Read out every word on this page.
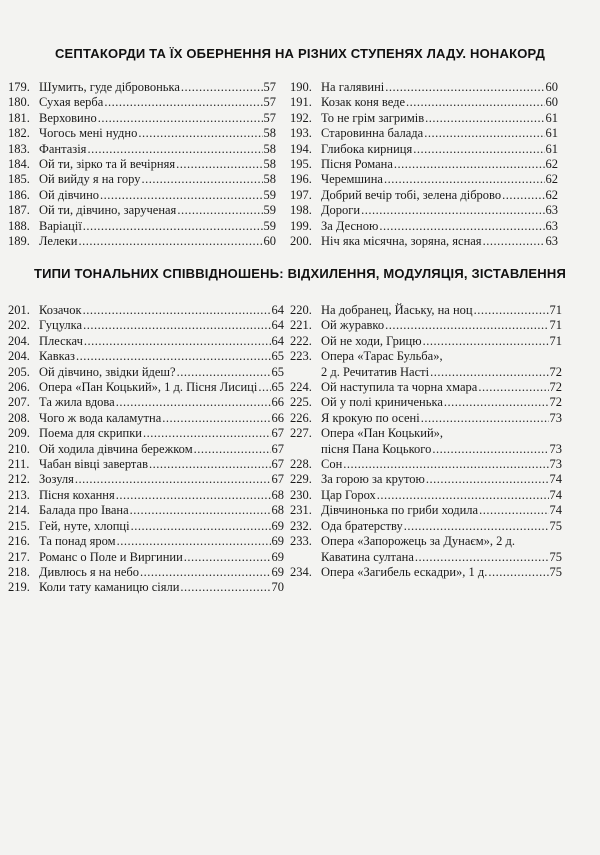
СЕПТАКОРДИ ТА ЇХ ОБЕРНЕННЯ НА РІЗНИХ СТУПЕНЯХ ЛАДУ. НОНАКОРД
179. Шумить, гуде дібровонька .....	57
180. Сухая верба .....	57
181. Верховино .....	57
182. Чогось мені нудно .....	58
183. Фантазія .....	58
184. Ой ти, зірко та й вечірняя .....	58
185. Ой вийду я на гору .....	58
186. Ой дівчино .....	59
187. Ой ти, дівчино, зарученая .....	59
188. Варіації .....	59
189. Лелеки .....	60
190. На галявині .....	60
191. Козак коня веде .....	60
192. То не грім загримів .....	61
193. Старовинна балада .....	61
194. Глибока кирниця .....	61
195. Пісня Романа .....	62
196. Черемшина .....	62
197. Добрий вечір тобі, зелена діброво .....	62
198. Дороги .....	63
199. За Десною .....	63
200. Ніч яка місячна, зоряна, ясная .....	63
ТИПИ ТОНАЛЬНИХ СПІВВІДНОШЕНЬ: ВІДХИЛЕННЯ, МОДУЛЯЦІЯ, ЗІСТАВЛЕННЯ
201. Козачок .....	64
202. Гуцулка .....	64
204. Плескач .....	64
204. Кавказ .....	65
205. Ой дівчино, звідки йдеш? .....	65
206. Опера «Пан Коцький», 1 д. Пісня Лисиці ..... 65
207. Та жила вдова .....	66
208. Чого ж вода каламутна .....	66
209. Поема для скрипки .....	67
210. Ой ходила дівчина бережком .....	67
211. Чабан вівці завертав .....	67
212. Зозуля .....	67
213. Пісня кохання .....	68
214. Балада про Івана .....	68
215. Гей, нуте, хлопці .....	69
216. Та понад яром .....	69
217. Романс о Поле и Виргинии .....	69
218. Дивлюсь я на небо .....	69
219. Коли тату каманицю сіяли .....	70
220. На добранец, Йаську, на ноц .....	71
221. Ой журавко .....	71
222. Ой не ходи, Грицю .....	71
223. Опера «Тарас Бульба»,
2 д. Речитатив Насті .....	72
224. Ой наступила та чорна хмара .....	72
225. Ой у полі криниченька .....	72
226. Я крокую по осені .....	73
227. Опера «Пан Коцький»,
пісня Пана Коцького .....	73
228. Сон .....	73
229. За горою за крутою .....	74
230. Цар Горох .....	74
231. Дівчинонька по гриби ходила .....	74
232. Ода братерству .....	75
233. Опера «Запорожець за Дунаєм», 2 д.
Каватина султана .....	75
234. Опера «Загибель ескадри», 1 д. .....	75
